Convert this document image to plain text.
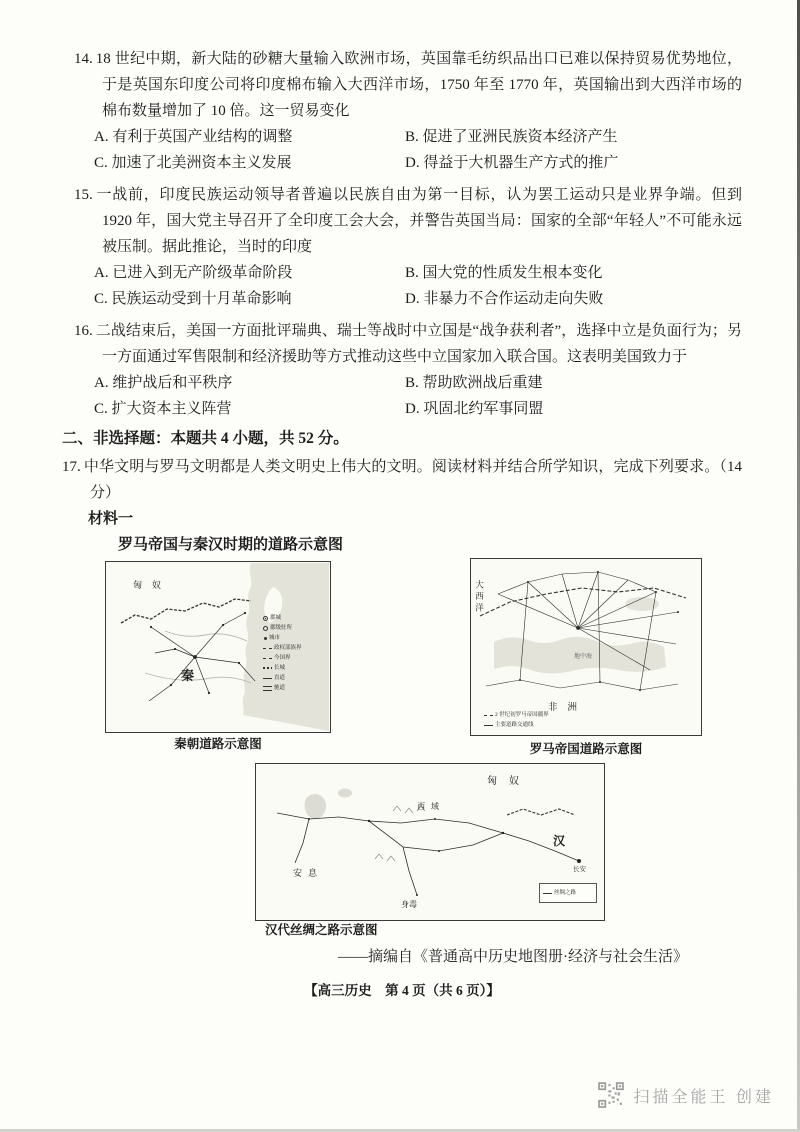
14. 18 世纪中期，新大陆的砂糖大量输入欧洲市场，英国靠毛纺织品出口已难以保持贸易优势地位，于是英国东印度公司将印度棉布输入大西洋市场，1750 年至 1770 年，英国输出到大西洋市场的棉布数量增加了 10 倍。这一贸易变化

A. 有利于英国产业结构的调整	B. 促进了亚洲民族资本经济产生
C. 加速了北美洲资本主义发展	D. 得益于大机器生产方式的推广

15. 一战前，印度民族运动领导者普遍以民族自由为第一目标，认为罢工运动只是业界争端。但到 1920 年，国大党主导召开了全印度工会大会，并警告英国当局：国家的全部“年轻人”不可能永远被压制。据此推论，当时的印度

A. 已进入到无产阶级革命阶段	B. 国大党的性质发生根本变化
C. 民族运动受到十月革命影响	D. 非暴力不合作运动走向失败

16. 二战结束后，美国一方面批评瑞典、瑞士等战时中立国是“战争获利者”，选择中立是负面行为；另一方面通过军售限制和经济援助等方式推动这些中立国家加入联合国。这表明美国致力于

A. 维护战后和平秩序	B. 帮助欧洲战后重建
C. 扩大资本主义阵营	D. 巩固北约军事同盟

二、非选择题：本题共 4 小题，共 52 分。

17. 中华文明与罗马文明都是人类文明史上伟大的文明。阅读材料并结合所学知识，完成下列要求。（14 分）

材料一

罗马帝国与秦汉时期的道路示意图

匈奴
秦
郡城
郡级驻所
城市
政权部族界
今国界
长城
直道
驰道
秦朝道路示意图
大西洋
地中海
非洲
2 世纪初罗马帝国疆界
主要道路交通线
罗马帝国道路示意图
匈奴
汉
长安
西域
安息
身毒
丝绸之路
汉代丝绸之路示意图

——摘编自《普通高中历史地图册·经济与社会生活》

【高三历史　第 4 页（共 6 页）】

扫描全能王 创建
